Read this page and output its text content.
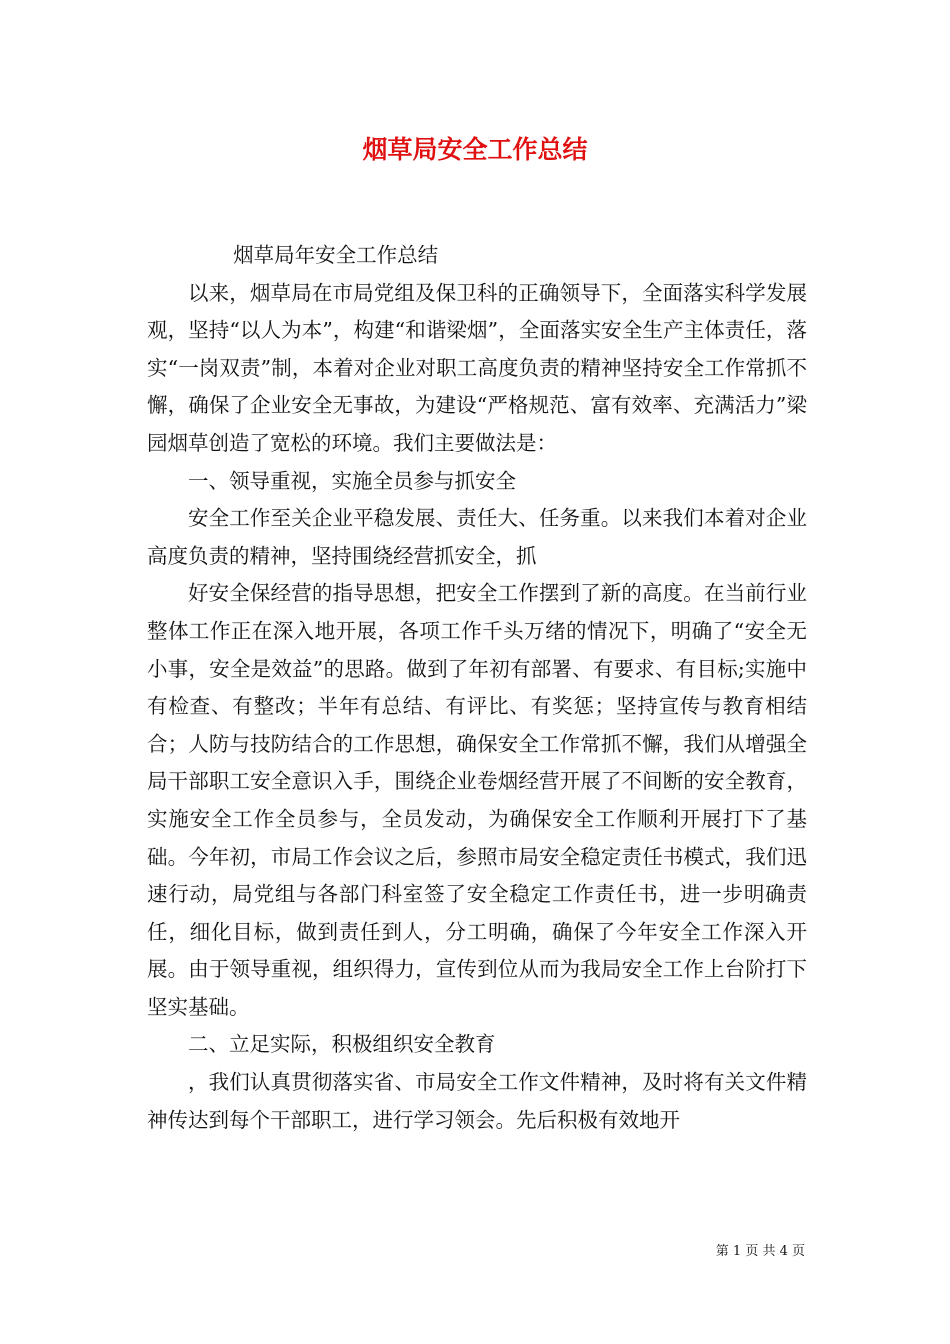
烟草局安全工作总结

烟草局年安全工作总结

以来，烟草局在市局党组及保卫科的正确领导下，全面落实科学发展观，坚持“以人为本”，构建“和谐梁烟”，全面落实安全生产主体责任，落实“一岗双责”制，本着对企业对职工高度负责的精神坚持安全工作常抓不懈，确保了企业安全无事故，为建设“严格规范、富有效率、充满活力”梁园烟草创造了宽松的环境。我们主要做法是：

一、领导重视，实施全员参与抓安全

安全工作至关企业平稳发展、责任大、任务重。以来我们本着对企业高度负责的精神，坚持围绕经营抓安全，抓

好安全保经营的指导思想，把安全工作摆到了新的高度。在当前行业整体工作正在深入地开展，各项工作千头万绪的情况下，明确了“安全无小事，安全是效益”的思路。做到了年初有部署、有要求、有目标;实施中有检查、有整改；半年有总结、有评比、有奖惩；坚持宣传与教育相结合；人防与技防结合的工作思想，确保安全工作常抓不懈，我们从增强全局干部职工安全意识入手，围绕企业卷烟经营开展了不间断的安全教育，实施安全工作全员参与，全员发动，为确保安全工作顺利开展打下了基础。今年初，市局工作会议之后，参照市局安全稳定责任书模式，我们迅速行动，局党组与各部门科室签了安全稳定工作责任书，进一步明确责任，细化目标，做到责任到人，分工明确，确保了今年安全工作深入开展。由于领导重视，组织得力，宣传到位从而为我局安全工作上台阶打下坚实基础。

二、立足实际，积极组织安全教育

，我们认真贯彻落实省、市局安全工作文件精神，及时将有关文件精神传达到每个干部职工，进行学习领会。先后积极有效地开

第 1 页 共 4 页
